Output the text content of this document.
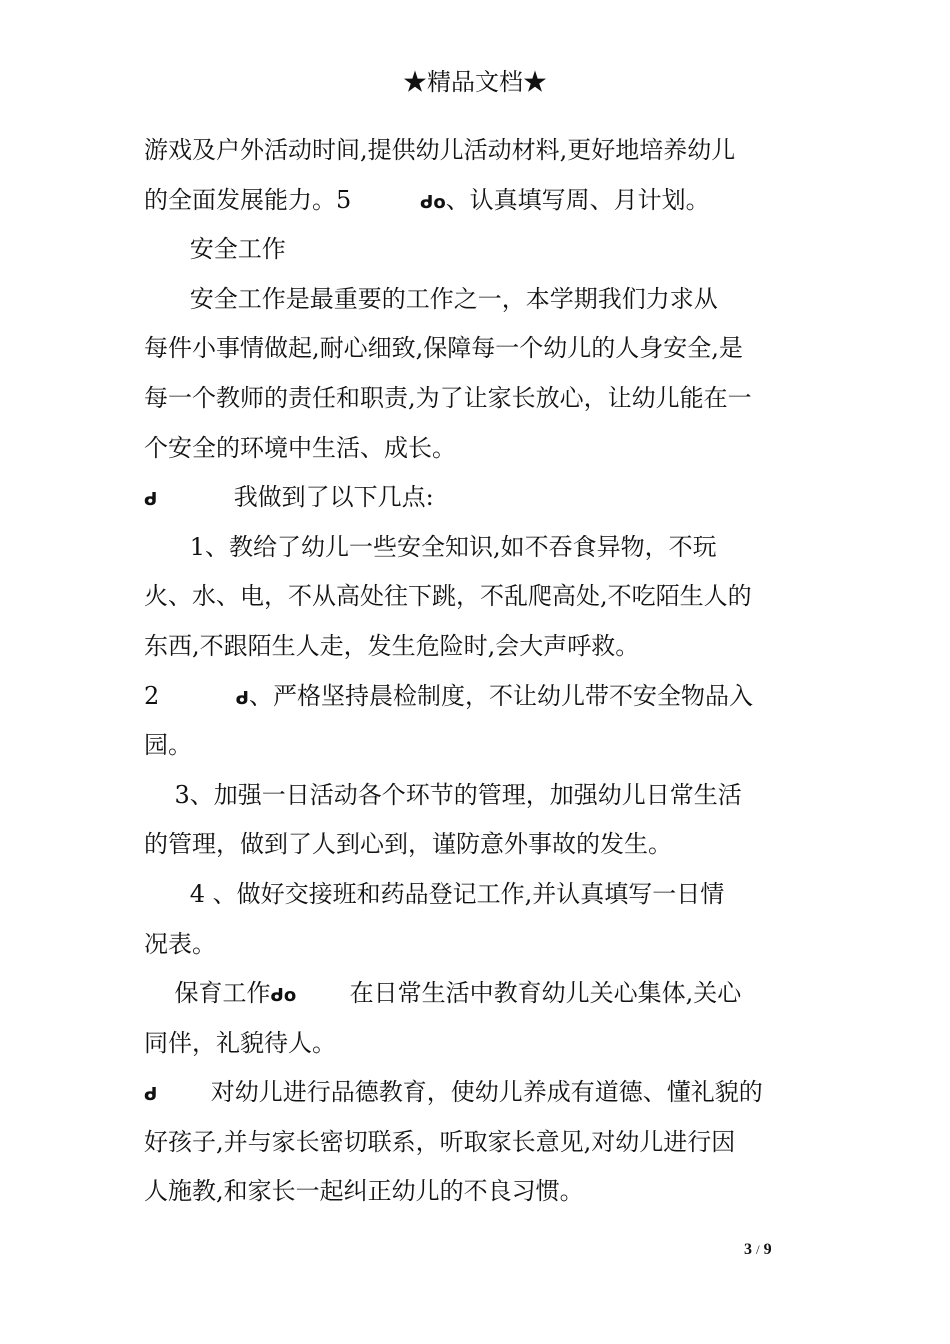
★精品文档★
游戏及户外活动时间,提供幼儿活动材料,更好地培养幼儿
的全面发展能力。5         ᑯo、认真填写周、月计划。
安全工作
安全工作是最重要的工作之一，本学期我们力求从
每件小事情做起,耐心细致,保障每一个幼儿的人身安全,是
每一个教师的责任和职责,为了让家长放心，让幼儿能在一
个安全的环境中生活、成长。
ᑯ	我做到了以下几点:
1、教给了幼儿一些安全知识,如不吞食异物，不玩
火、水、电，不从高处往下跳，不乱爬高处,不吃陌生人的
东西,不跟陌生人走，发生危险时,会大声呼救。
2          ᑯ、严格坚持晨检制度，不让幼儿带不安全物品入
园。
3、加强一日活动各个环节的管理，加强幼儿日常生活
的管理，做到了人到心到，谨防意外事故的发生。
4 、做好交接班和药品登记工作,并认真填写一日情
况表。
保育工作ᑯo 在日常生活中教育幼儿关心集体,关心
同伴，礼貌待人。
ᑯ 对幼儿进行品德教育，使幼儿养成有道德、懂礼貌的
好孩子,并与家长密切联系，听取家长意见,对幼儿进行因
人施教,和家长一起纠正幼儿的不良习惯。
3 / 9
